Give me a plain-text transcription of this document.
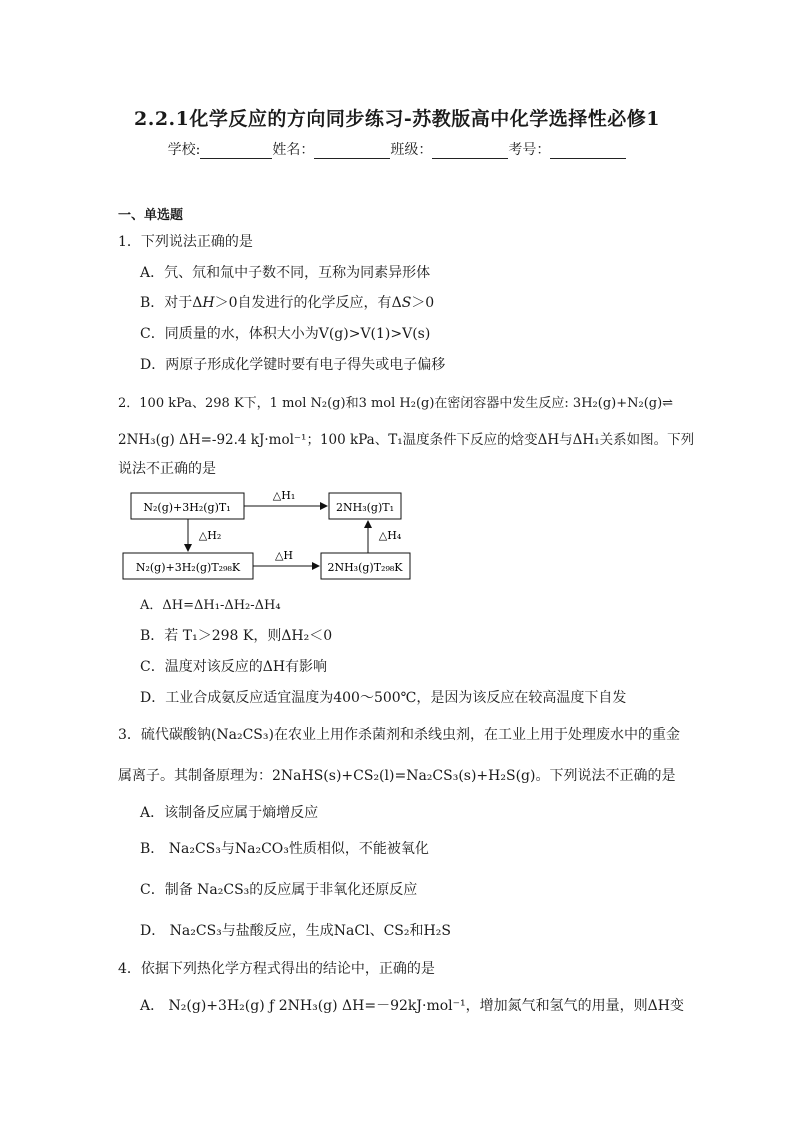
2.2.1化学反应的方向同步练习-苏教版高中化学选择性必修1
学校:	姓名：	班级：	考号：
一、单选题
1．下列说法正确的是
A．氕、氘和氚中子数不同，互称为同素异形体
B．对于ΔH＞0自发进行的化学反应，有ΔS＞0
C．同质量的水，体积大小为V(g)>V(1)>V(s)
D．两原子形成化学键时要有电子得失或电子偏移
2．100 kPa、298 K下，1 mol N₂(g)和3 mol H₂(g)在密闭容器中发生反应: 3H₂(g)+N₂(g)⇌
2NH₃(g) ΔH=-92.4 kJ·mol⁻¹；100 kPa、T₁温度条件下反应的焓变ΔH与ΔH₁关系如图。下列
说法不正确的是
N₂(g)+3H₂(g)T₁	2NH₃(g)T₁
N₂(g)+3H₂(g)T₂₉₈K	2NH₃(g)T₂₉₈K
△H₁
△H₂
△H
△H₄
A．ΔH=ΔH₁-ΔH₂-ΔH₄
B．若 T₁＞298 K，则ΔH₂＜0
C．温度对该反应的ΔH有影响
D．工业合成氨反应适宜温度为400～500℃，是因为该反应在较高温度下自发
3．硫代碳酸钠(Na₂CS₃)在农业上用作杀菌剂和杀线虫剂，在工业上用于处理废水中的重金
属离子。其制备原理为：2NaHS(s)+CS₂(l)=Na₂CS₃(s)+H₂S(g)。下列说法不正确的是
A．该制备反应属于熵增反应
B． Na₂CS₃与Na₂CO₃性质相似，不能被氧化
C．制备 Na₂CS₃的反应属于非氧化还原反应
D． Na₂CS₃与盐酸反应，生成NaCl、CS₂和H₂S
4．依据下列热化学方程式得出的结论中，正确的是
A． N₂(g)+3H₂(g) ƒ 2NH₃(g) ΔH=－92kJ·mol⁻¹，增加氮气和氢气的用量，则ΔH变
